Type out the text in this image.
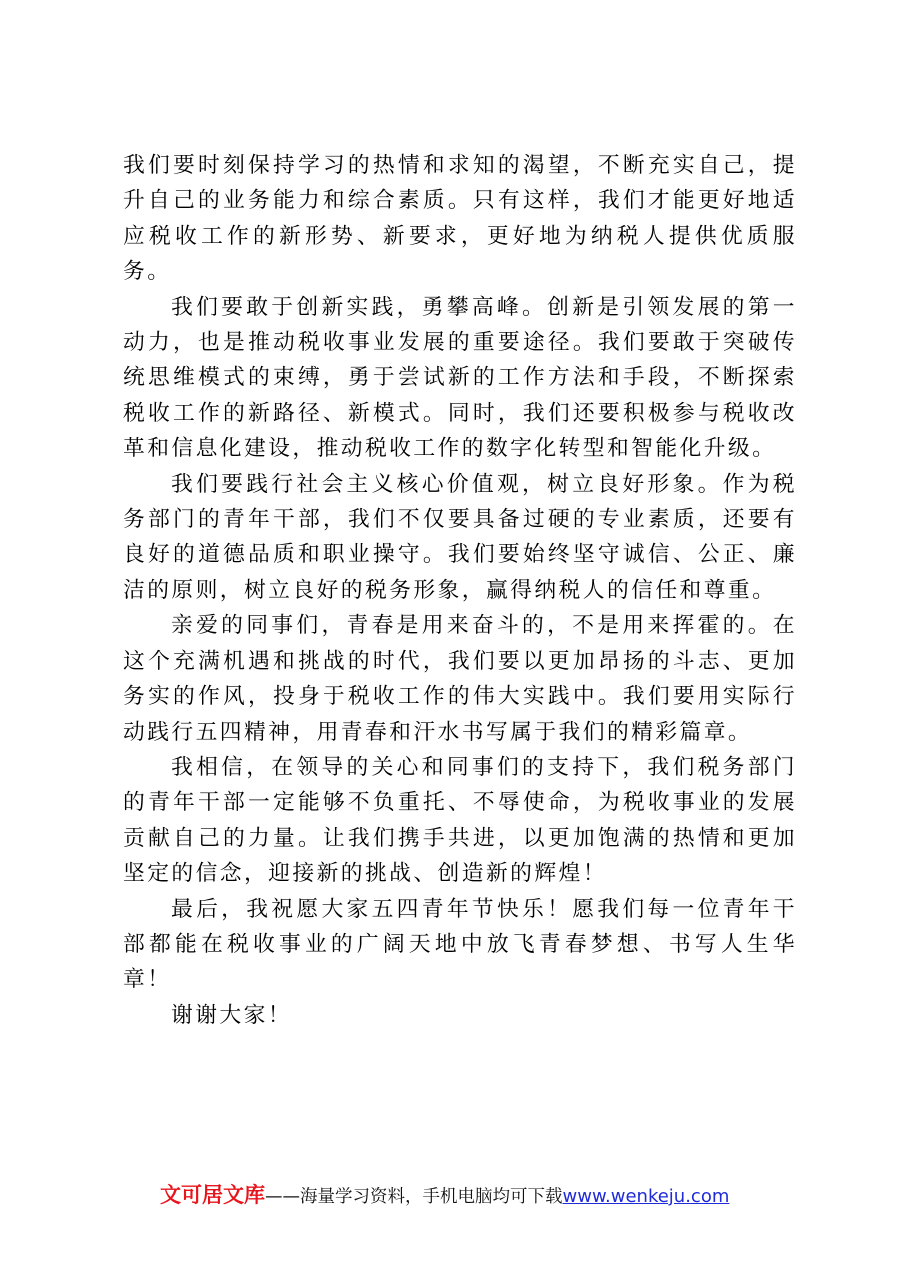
我们要时刻保持学习的热情和求知的渴望，不断充实自己，提升自己的业务能力和综合素质。只有这样，我们才能更好地适应税收工作的新形势、新要求，更好地为纳税人提供优质服务。

我们要敢于创新实践，勇攀高峰。创新是引领发展的第一动力，也是推动税收事业发展的重要途径。我们要敢于突破传统思维模式的束缚，勇于尝试新的工作方法和手段，不断探索税收工作的新路径、新模式。同时，我们还要积极参与税收改革和信息化建设，推动税收工作的数字化转型和智能化升级。

我们要践行社会主义核心价值观，树立良好形象。作为税务部门的青年干部，我们不仅要具备过硬的专业素质，还要有良好的道德品质和职业操守。我们要始终坚守诚信、公正、廉洁的原则，树立良好的税务形象，赢得纳税人的信任和尊重。

亲爱的同事们，青春是用来奋斗的，不是用来挥霍的。在这个充满机遇和挑战的时代，我们要以更加昂扬的斗志、更加务实的作风，投身于税收工作的伟大实践中。我们要用实际行动践行五四精神，用青春和汗水书写属于我们的精彩篇章。

我相信，在领导的关心和同事们的支持下，我们税务部门的青年干部一定能够不负重托、不辱使命，为税收事业的发展贡献自己的力量。让我们携手共进，以更加饱满的热情和更加坚定的信念，迎接新的挑战、创造新的辉煌！

最后，我祝愿大家五四青年节快乐！愿我们每一位青年干部都能在税收事业的广阔天地中放飞青春梦想、书写人生华章！

谢谢大家！

文可居文库——海量学习资料，手机电脑均可下载www.wenkeju.com
